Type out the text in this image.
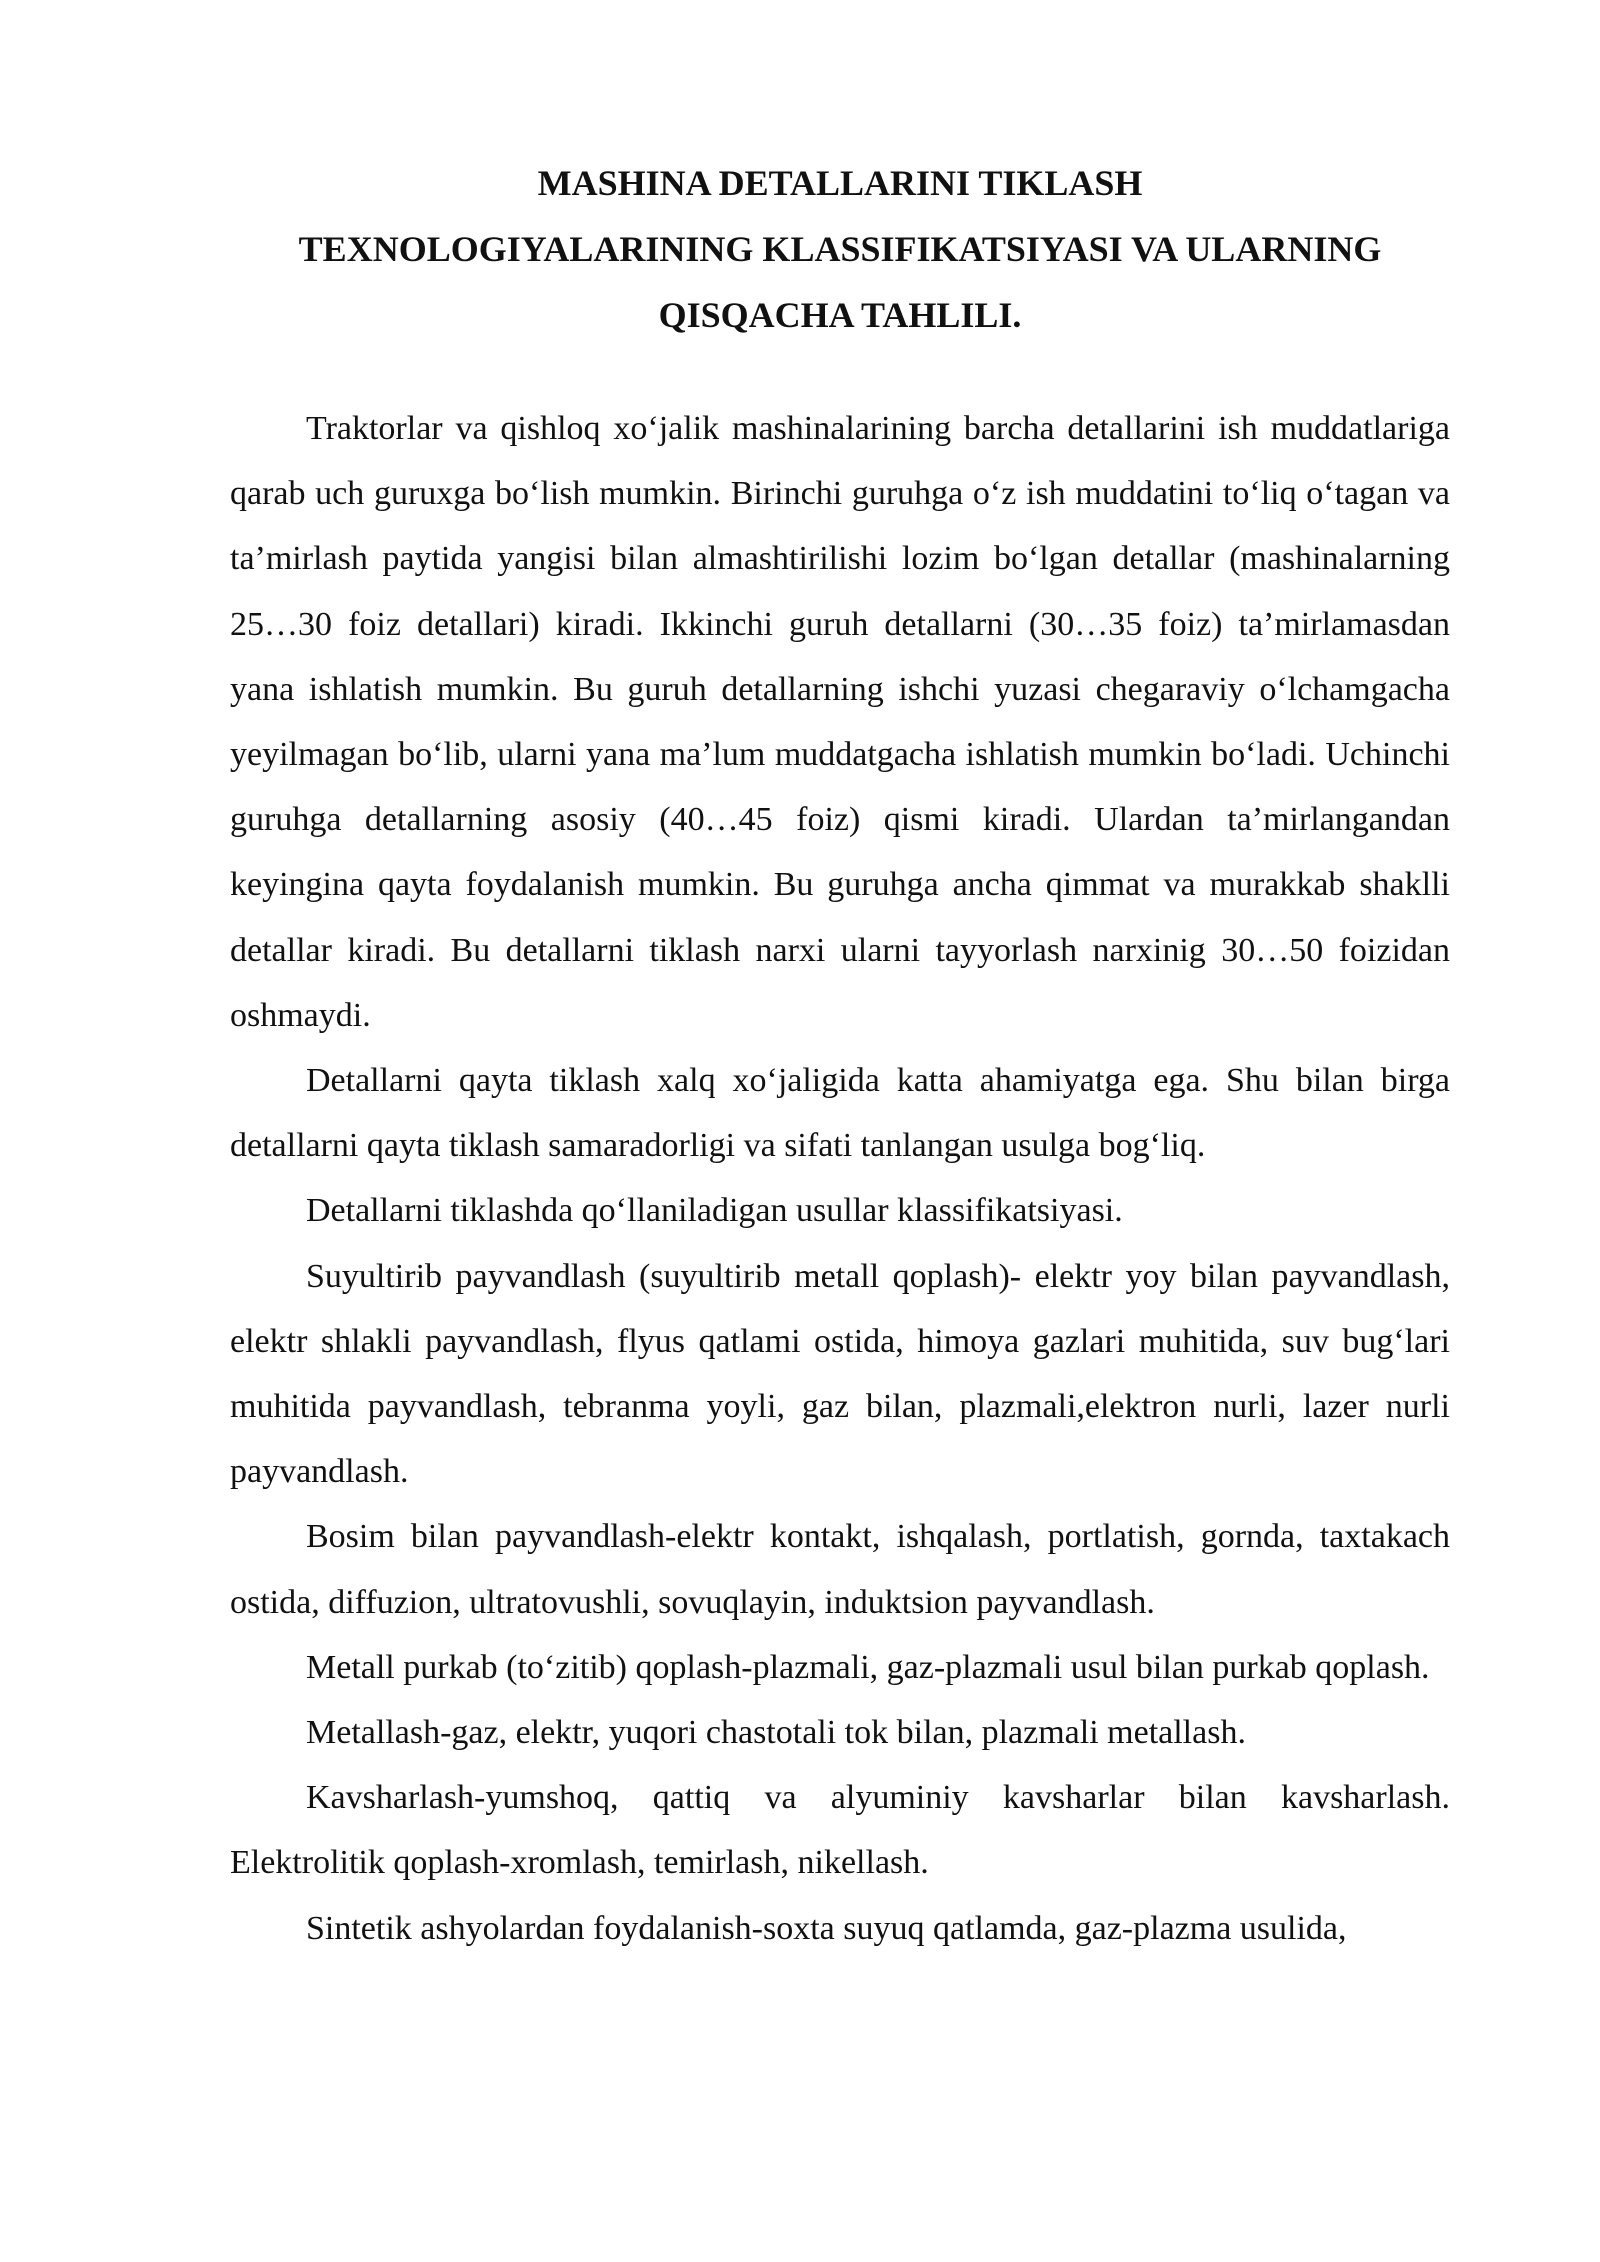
MASHINA DETALLARINI TIKLASH
TEXNOLOGIYALARINING KLASSIFIKATSIYASI VA ULARNING
QISQACHA TAHLILI.

Traktorlar va qishloq xo‘jalik mashinalarining barcha detallarini ish muddatlariga qarab uch guruxga bo‘lish mumkin. Birinchi guruhga o‘z ish muddatini to‘liq o‘tagan va ta’mirlash paytida yangisi bilan almashtirilishi lozim bo‘lgan detallar (mashinalarning 25…30 foiz detallari) kiradi. Ikkinchi guruh detallarni (30…35 foiz) ta’mirlamasdan yana ishlatish mumkin. Bu guruh detallarning ishchi yuzasi chegaraviy o‘lchamgacha yeyilmagan bo‘lib, ularni yana ma’lum muddatgacha ishlatish mumkin bo‘ladi. Uchinchi guruhga detallarning asosiy (40…45 foiz) qismi kiradi. Ulardan ta’mirlangandan keyingina qayta foydalanish mumkin. Bu guruhga ancha qimmat va murakkab shaklli detallar kiradi. Bu detallarni tiklash narxi ularni tayyorlash narxinig 30…50 foizidan oshmaydi.

Detallarni qayta tiklash xalq xo‘jaligida katta ahamiyatga ega. Shu bilan birga detallarni qayta tiklash samaradorligi va sifati tanlangan usulga bog‘liq.

Detallarni tiklashda qo‘llaniladigan usullar klassifikatsiyasi.

Suyultirib payvandlash (suyultirib metall qoplash)- elektr yoy bilan payvandlash, elektr shlakli payvandlash, flyus qatlami ostida, himoya gazlari muhitida, suv bug‘lari muhitida payvandlash, tebranma yoyli, gaz bilan, plazmali,elektron nurli, lazer nurli payvandlash.

Bosim bilan payvandlash-elektr kontakt, ishqalash, portlatish, gornda, taxtakach ostida, diffuzion, ultratovushli, sovuqlayin, induktsion payvandlash.

Metall purkab (to‘zitib) qoplash-plazmali, gaz-plazmali usul bilan purkab qoplash.

Metallash-gaz, elektr, yuqori chastotali tok bilan, plazmali metallash.

Kavsharlash-yumshoq, qattiq va alyuminiy kavsharlar bilan kavsharlash. Elektrolitik qoplash-xromlash, temirlash, nikellash.

Sintetik ashyolardan foydalanish-soxta suyuq qatlamda, gaz-plazma usulida,
